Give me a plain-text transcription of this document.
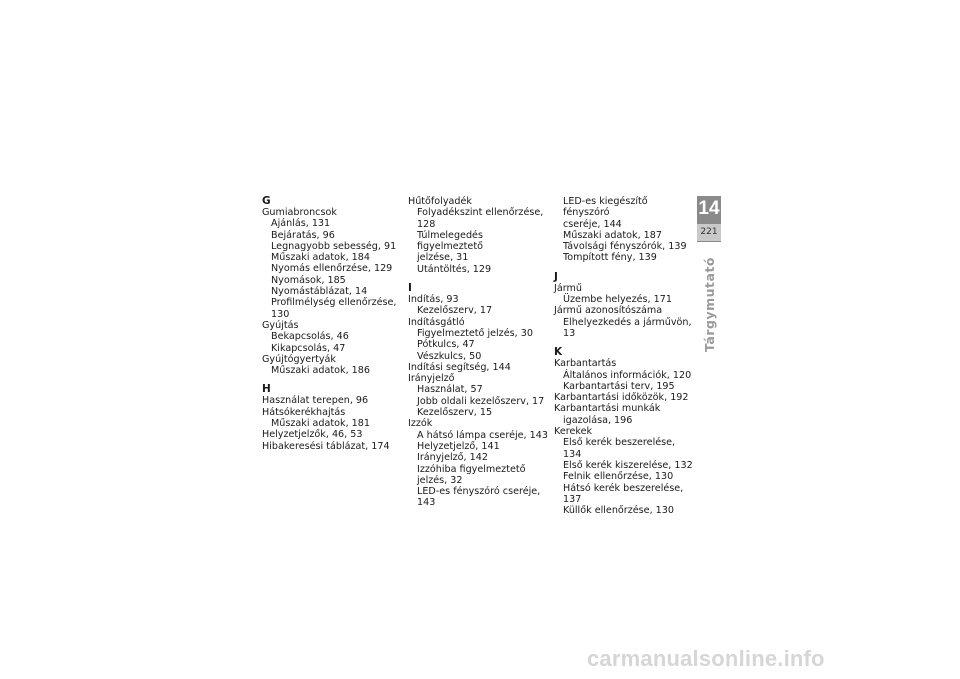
G
Gumiabroncsok
Ajánlás, 131
Bejáratás, 96
Legnagyobb sebesség, 91
Műszaki adatok, 184
Nyomás ellenőrzése, 129
Nyomások, 185
Nyomástáblázat, 14
Profilmélység ellenőrzése, 130
Gyújtás
Bekapcsolás, 46
Kikapcsolás, 47
Gyújtógyertyák
Műszaki adatok, 186
H
Használat terepen, 96
Hátsókerékhajtás
Műszaki adatok, 181
Helyzetjelzők, 46, 53
Hibakeresési táblázat, 174
Hűtőfolyadék
Folyadékszint ellenőrzése, 128
Túlmelegedés figyelmeztető
jelzése, 31
Utántöltés, 129
I
Indítás, 93
Kezelőszerv, 17
Indításgátló
Figyelmeztető jelzés, 30
Pótkulcs, 47
Vészkulcs, 50
Indítási segítség, 144
Irányjelző
Használat, 57
Jobb oldali kezelőszerv, 17
Kezelőszerv, 15
Izzók
A hátsó lámpa cseréje, 143
Helyzetjelző, 141
Irányjelző, 142
Izzóhiba figyelmeztető
jelzés, 32
LED-es fényszóró cseréje, 143
LED-es kiegészítő fényszóró
cseréje, 144
Műszaki adatok, 187
Távolsági fényszórók, 139
Tompított fény, 139
J
Jármű
Üzembe helyezés, 171
Jármű azonosítószáma
Elhelyezkedés a járművön, 13
K
Karbantartás
Általános információk, 120
Karbantartási terv, 195
Karbantartási időközök, 192
Karbantartási munkák
igazolása, 196
Kerekek
Első kerék beszerelése, 134
Első kerék kiszerelése, 132
Felnik ellenőrzése, 130
Hátsó kerék beszerelése, 137
Küllők ellenőrzése, 130
14
221
Tárgymutató
carmanualsonline.info
